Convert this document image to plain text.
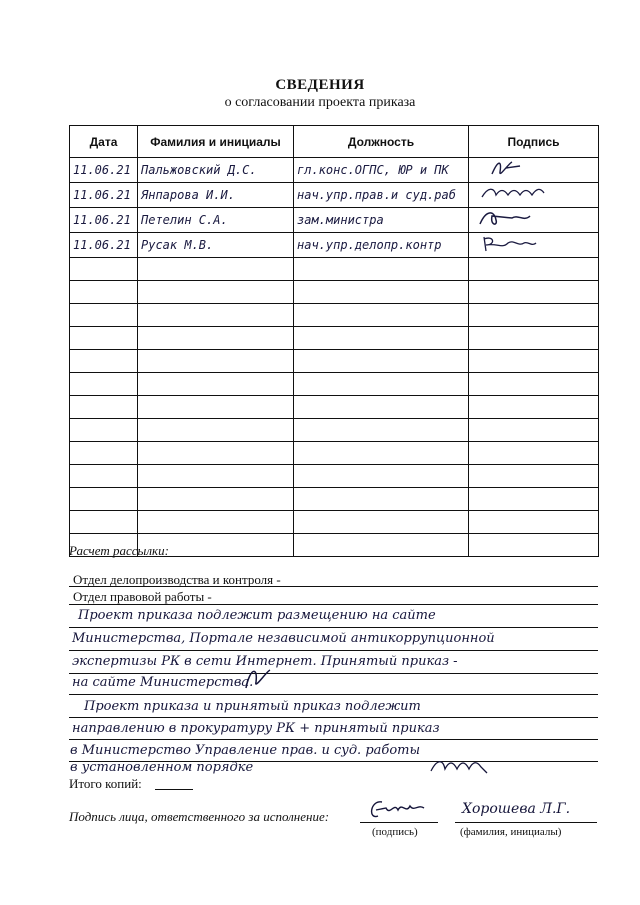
СВЕДЕНИЯ
о согласовании проекта приказа
Дата	Фамилия и инициалы	Должность	Подпись
11.06.21	Пальжовский Д.С.	гл.конс.ОГПС, ЮР и ПК	
11.06.21	Янпарова И.И.	нач.упр.прав.и суд.раб	
11.06.21	Петелин С.А.	зам.министра	
11.06.21	Русак М.В.	нач.упр.делопр.контр	

Расчет рассылки:
Отдел делопроизводства и контроля -
Отдел правовой работы -
Проект приказа подлежит размещению на сайте
Министерства, Портале независимой антикоррупционной
экспертизы РК в сети Интернет. Принятый приказ -
на сайте Министерства.
Проект приказа и принятый приказ подлежит
направлению в прокуратуру РК + принятый приказ
в Министерство Управление прав. и суд. работы
в установленном порядке
Итого копий:
Подпись лица, ответственного за исполнение:	Хорошева Л.Г.
(подпись)	(фамилия, инициалы)
